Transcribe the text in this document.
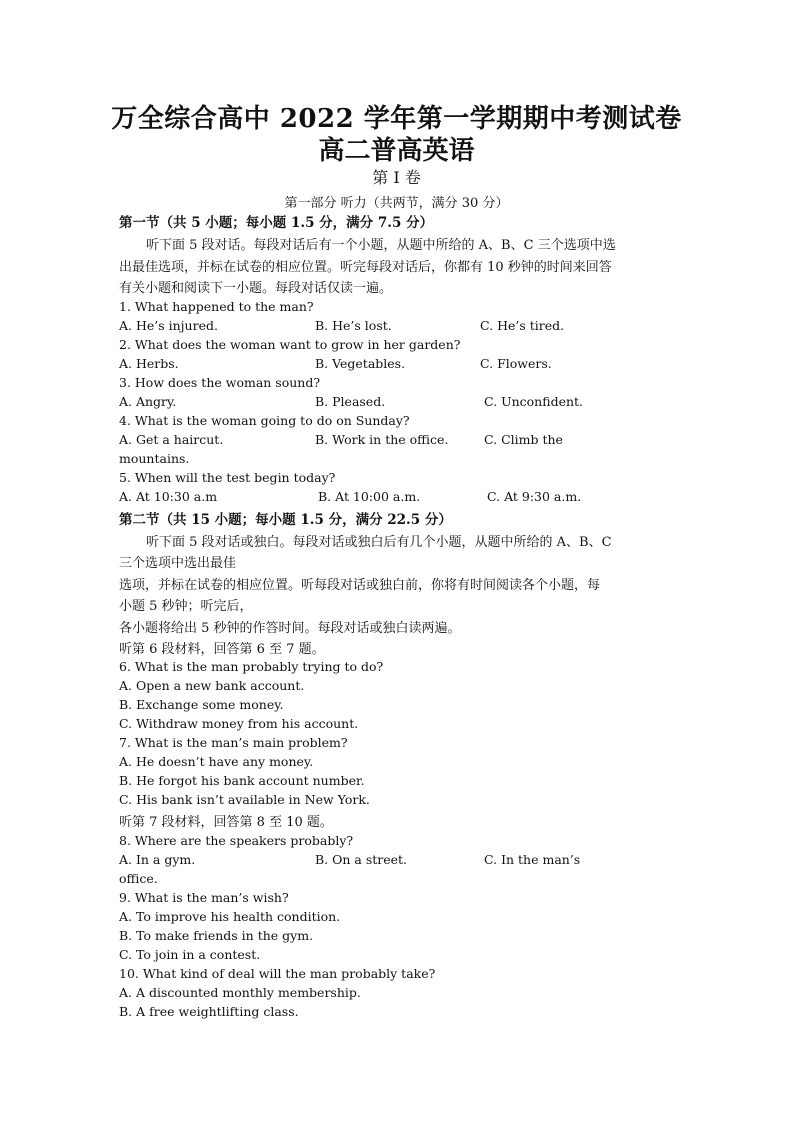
万全综合高中 2022 学年第一学期期中考测试卷
高二普高英语
第 I 卷
第一部分 听力（共两节，满分 30 分）
第一节（共 5 小题；每小题 1.5 分，满分 7.5 分）
听下面 5 段对话。每段对话后有一个小题，从题中所给的 A、B、C 三个选项中选
出最佳选项，并标在试卷的相应位置。听完每段对话后，你都有 10 秒钟的时间来回答
有关小题和阅读下一小题。每段对话仅读一遍。
1. What happened to the man?
A. He’s injured.	B. He’s lost.	C. He’s tired.
2. What does the woman want to grow in her garden?
A. Herbs.	B. Vegetables.	C. Flowers.
3. How does the woman sound?
A. Angry.	B. Pleased.	C. Unconfident.
4. What is the woman going to do on Sunday?
A. Get a haircut.	B. Work in the office.	C. Climb the
mountains.
5. When will the test begin today?
A. At 10:30 a.m	B. At 10:00 a.m.	C. At 9:30 a.m.
第二节（共 15 小题；每小题 1.5 分，满分 22.5 分）
听下面 5 段对话或独白。每段对话或独白后有几个小题，从题中所给的 A、B、C
三个选项中选出最佳
选项，并标在试卷的相应位置。听每段对话或独白前，你将有时间阅读各个小题，每
小题 5 秒钟；听完后，
各小题将给出 5 秒钟的作答时间。每段对话或独白读两遍。
听第 6 段材料，回答第 6 至 7 题。
6. What is the man probably trying to do?
A. Open a new bank account.
B. Exchange some money.
C. Withdraw money from his account.
7. What is the man’s main problem?
A. He doesn’t have any money.
B. He forgot his bank account number.
C. His bank isn’t available in New York.
听第 7 段材料，回答第 8 至 10 题。
8. Where are the speakers probably?
A. In a gym.	B. On a street.	C. In the man’s
office.
9. What is the man’s wish?
A. To improve his health condition.
B. To make friends in the gym.
C. To join in a contest.
10. What kind of deal will the man probably take?
A. A discounted monthly membership.
B. A free weightlifting class.
